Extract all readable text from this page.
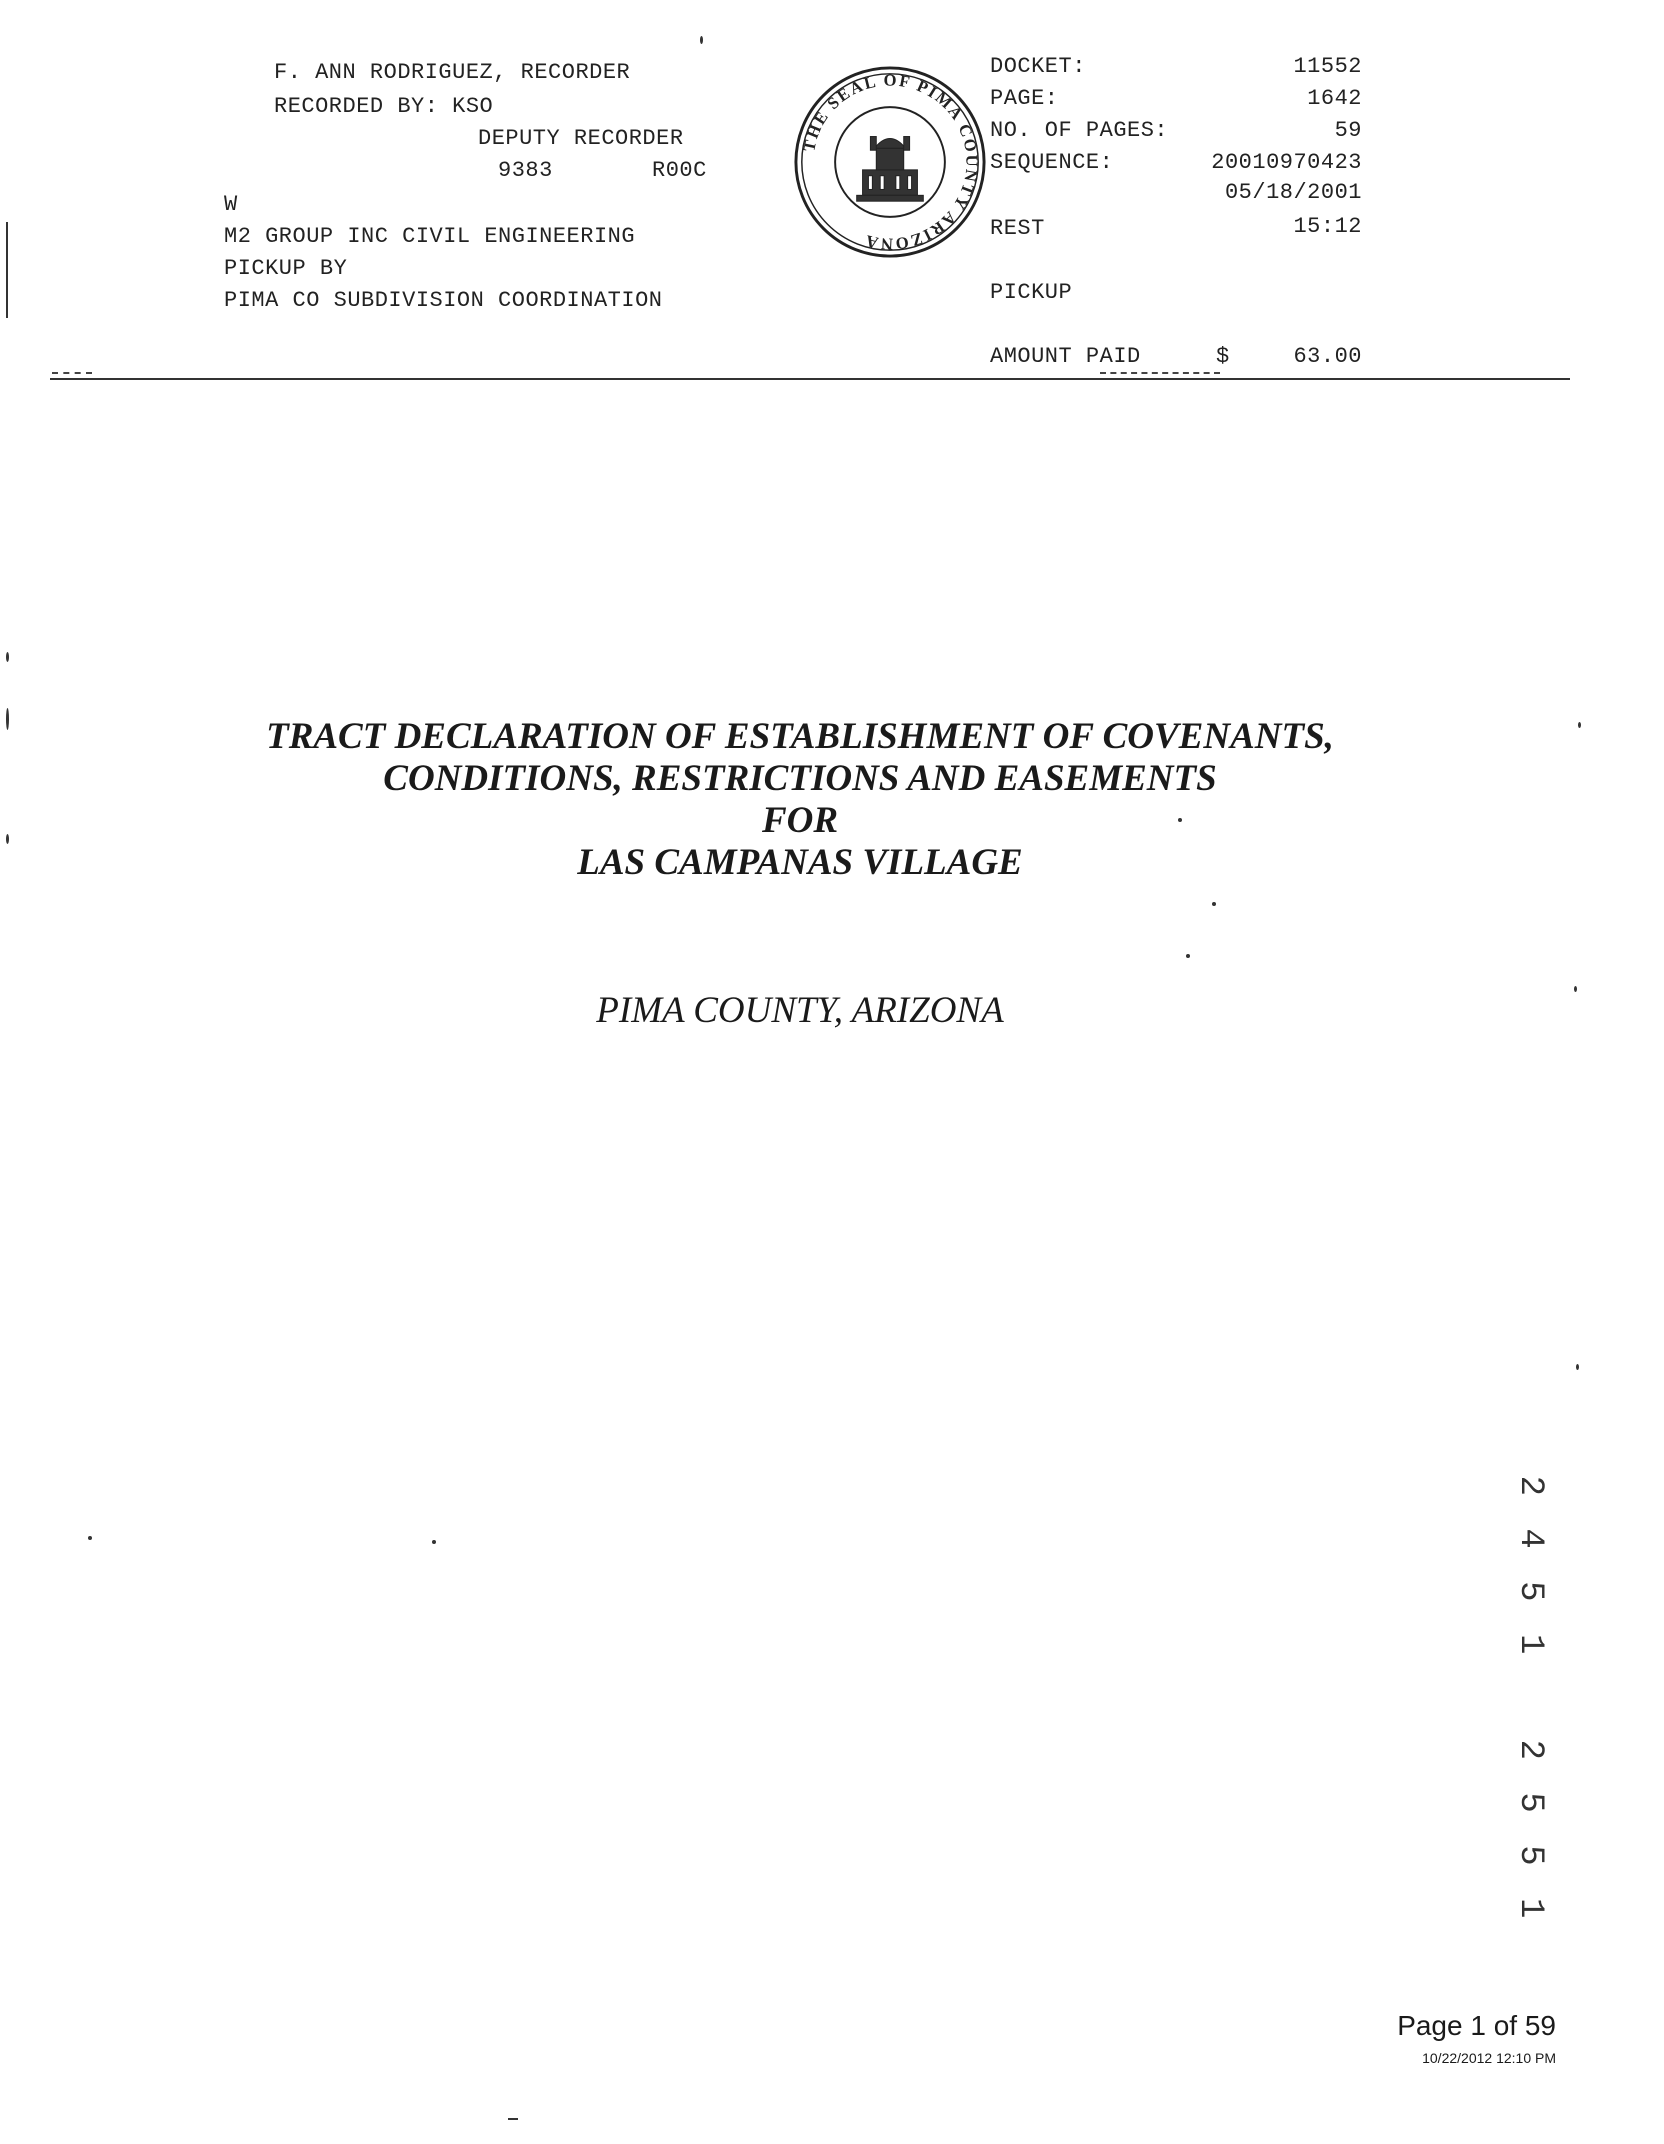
F. ANN RODRIGUEZ, RECORDER
RECORDED BY: KSO
DEPUTY RECORDER
9383	R00C
W
M2 GROUP INC CIVIL ENGINEERING
PICKUP BY
PIMA CO SUBDIVISION COORDINATION
THE SEAL OF PIMA COUNTY ARIZONA
DOCKET:	11552
PAGE:	1642
NO. OF PAGES:	59
SEQUENCE:	20010970423
05/18/2001
REST	15:12
PICKUP
AMOUNT PAID	$	63.00
TRACT DECLARATION OF ESTABLISHMENT OF COVENANTS,
CONDITIONS, RESTRICTIONS AND EASEMENTS
FOR
LAS CAMPANAS VILLAGE
PIMA COUNTY, ARIZONA
2 4 5 1   2 5 5 1
Page 1 of 59
10/22/2012 12:10 PM
